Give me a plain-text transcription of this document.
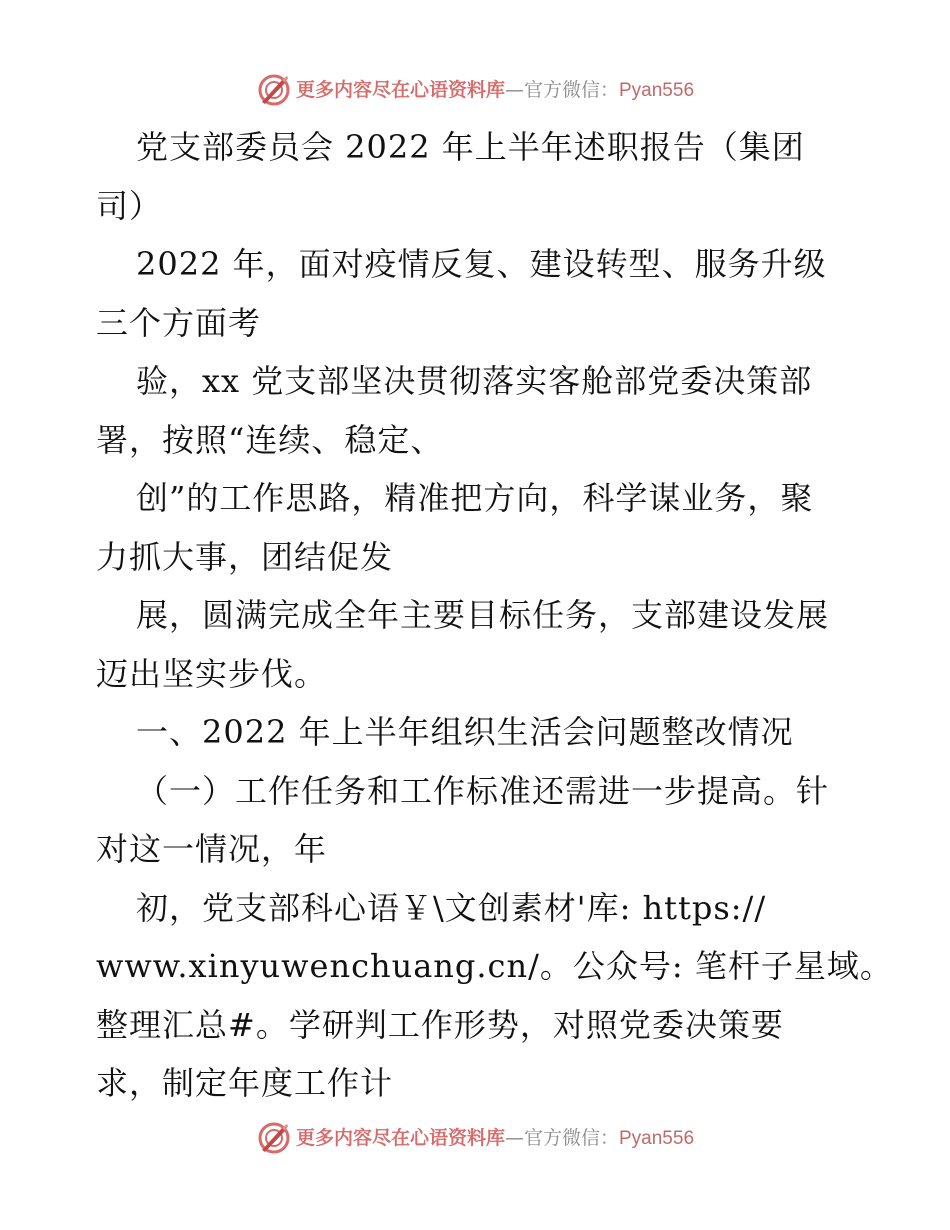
更多内容尽在心语资料库 — 官方微信： Pyan556
党支部委员会 2022 年上半年述职报告（集团
司）
2022 年，面对疫情反复、建设转型、服务升级
三个方面考
验，xx 党支部坚决贯彻落实客舱部党委决策部
署，按照“连续、稳定、
创”的工作思路，精准把方向，科学谋业务，聚
力抓大事，团结促发
展，圆满完成全年主要目标任务，支部建设发展
迈出坚实步伐。
一、2022 年上半年组织生活会问题整改情况
（一）工作任务和工作标准还需进一步提高。针
对这一情况，年
初，党支部科心语￥\文创素材'库: https://
www.xinyuwenchuang.cn/。公众号: 笔杆子星域。
整理汇总#。学研判工作形势，对照党委决策要
求，制定年度工作计
更多内容尽在心语资料库 — 官方微信： Pyan556
